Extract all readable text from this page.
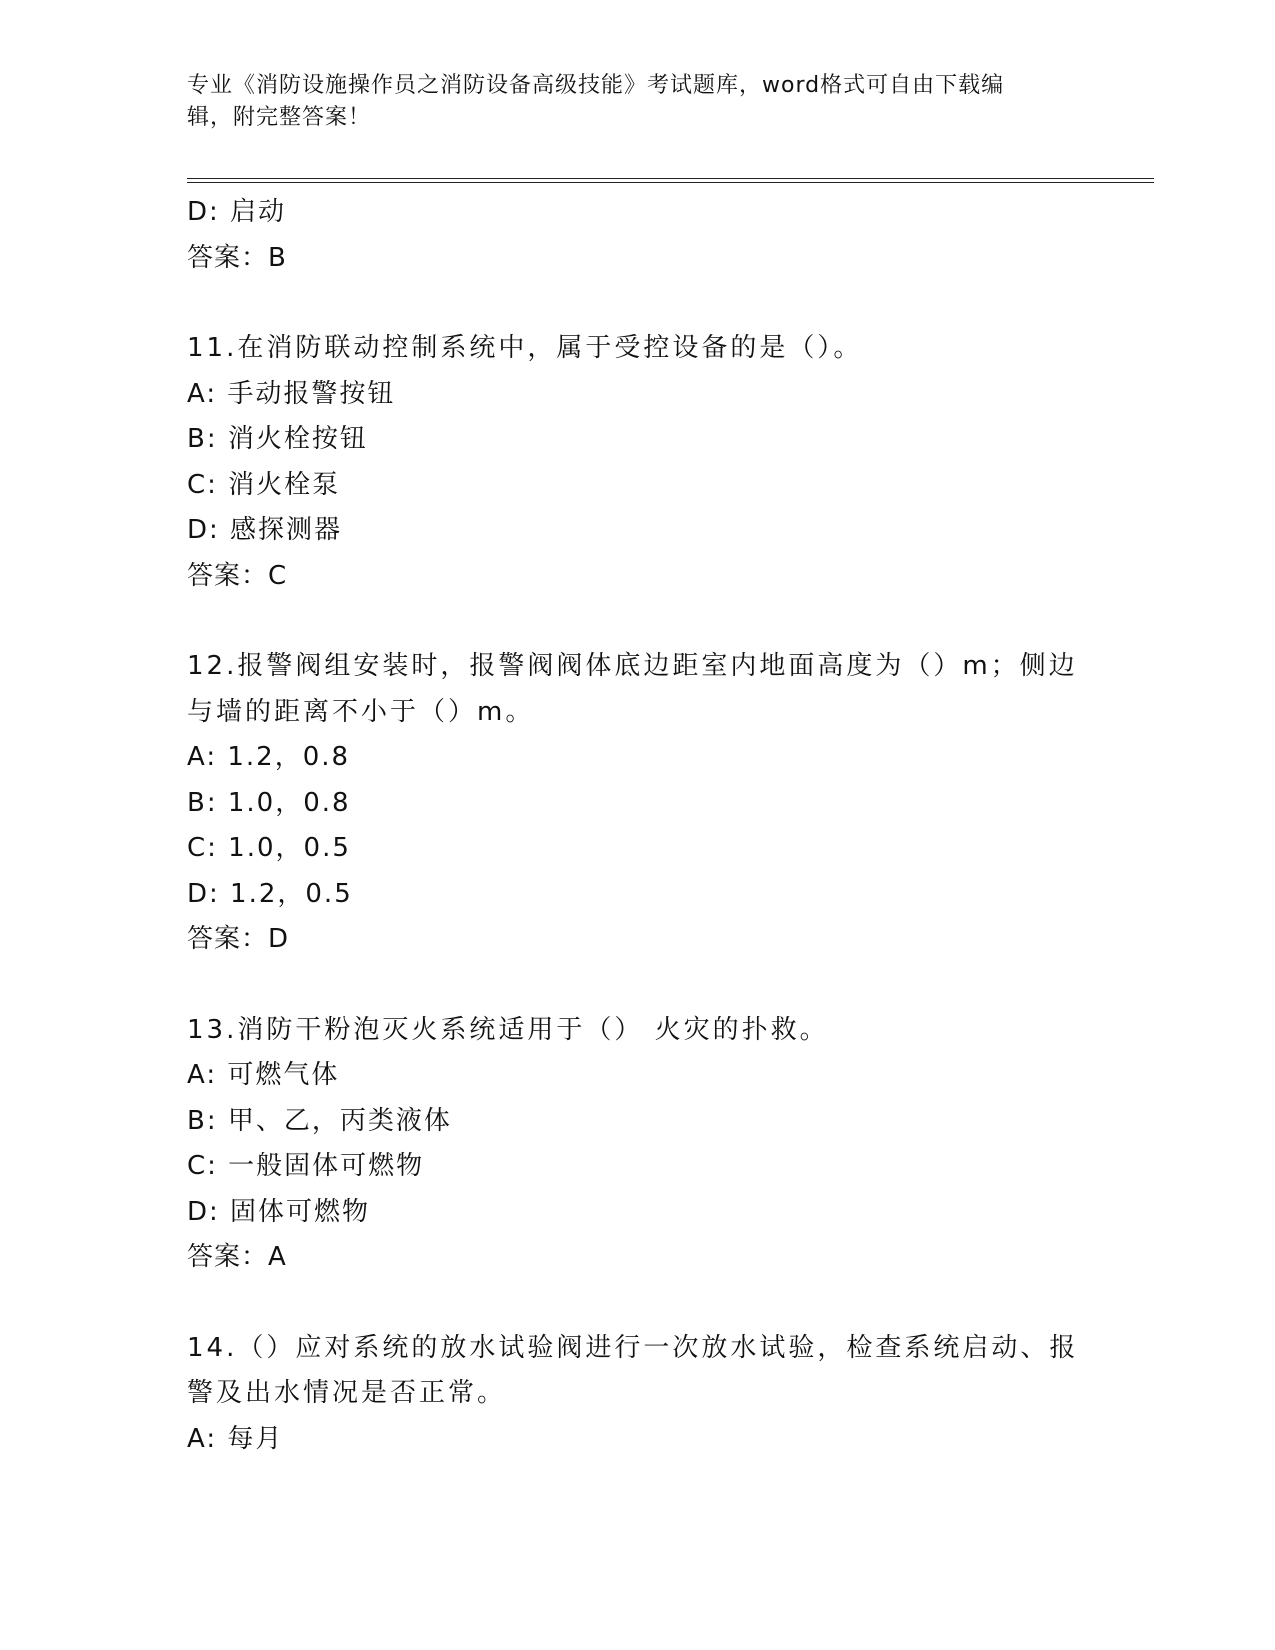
专业《消防设施操作员之消防设备高级技能》考试题库，word格式可自由下载编
辑，附完整答案！
D: 启动
答案：B
11.在消防联动控制系统中，属于受控设备的是（）。
A: 手动报警按钮
B: 消火栓按钮
C: 消火栓泵
D: 感探测器
答案：C
12.报警阀组安装时，报警阀阀体底边距室内地面高度为（）m；侧边
与墙的距离不小于（）m。
A: 1.2，0.8
B: 1.0，0.8
C: 1.0，0.5
D: 1.2，0.5
答案：D
13.消防干粉泡灭火系统适用于（） 火灾的扑救。
A: 可燃气体
B: 甲、乙，丙类液体
C: 一般固体可燃物
D: 固体可燃物
答案：A
14.（）应对系统的放水试验阀进行一次放水试验，检查系统启动、报
警及出水情况是否正常。
A: 每月
